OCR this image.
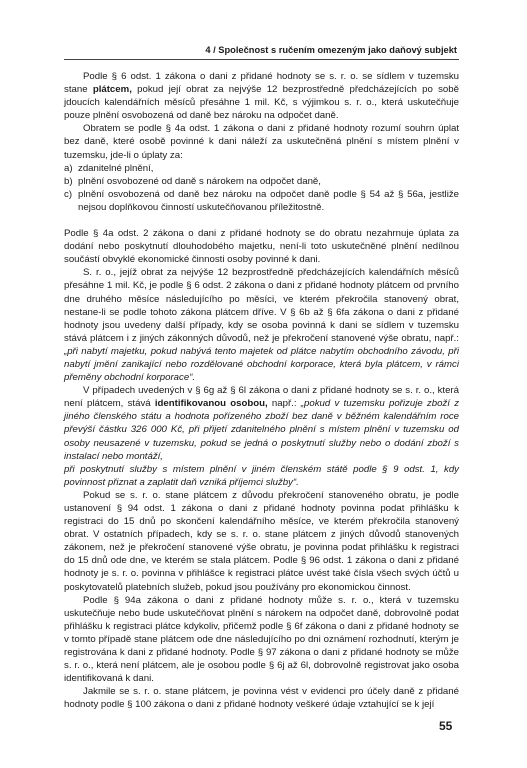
4 / Společnost s ručením omezeným jako daňový subjekt

Podle § 6 odst. 1 zákona o dani z přidané hodnoty se s. r. o. se sídlem v tuzemsku stane plátcem, pokud její obrat za nejvýše 12 bezprostředně předcházejících po sobě jdoucích kalendářních měsíců přesáhne 1 mil. Kč, s výjimkou s. r. o., která uskutečňuje pouze plnění osvobozená od daně bez nároku na odpočet daně.

Obratem se podle § 4a odst. 1 zákona o dani z přidané hodnoty rozumí souhrn úplat bez daně, které osobě povinné k dani náleží za uskutečněná plnění s místem plnění v tuzemsku, jde-li o úplaty za:

a) zdanitelné plnění,
b) plnění osvobozené od daně s nárokem na odpočet daně,
c) plnění osvobozená od daně bez nároku na odpočet daně podle § 54 až § 56a, jestliže nejsou doplňkovou činností uskutečňovanou příležitostně.

Podle § 4a odst. 2 zákona o dani z přidané hodnoty se do obratu nezahrnuje úplata za dodání nebo poskytnutí dlouhodobého majetku, není-li toto uskutečněné plnění nedílnou součástí obvyklé ekonomické činnosti osoby povinné k dani.

S. r. o., jejíž obrat za nejvýše 12 bezprostředně předcházejících kalendářních měsíců přesáhne 1 mil. Kč, je podle § 6 odst. 2 zákona o dani z přidané hodnoty plátcem od prvního dne druhého měsíce následujícího po měsíci, ve kterém překročila stanovený obrat, nestane-li se podle tohoto zákona plátcem dříve. V § 6b až § 6fa zákona o dani z přidané hodnoty jsou uvedeny další případy, kdy se osoba povinná k dani se sídlem v tuzemsku stává plátcem i z jiných zákonných důvodů, než je překročení stanovené výše obratu, např.: „při nabytí majetku, pokud nabývá tento majetek od plátce nabytím obchodního závodu, při nabytí jmění zanikající nebo rozdělované obchodní korporace, která byla plátcem, v rámci přeměny obchodní korporace“.

V případech uvedených v § 6g až § 6l zákona o dani z přidané hodnoty se s. r. o., která není plátcem, stává identifikovanou osobou, např.: „pokud v tuzemsku pořizuje zboží z jiného členského státu a hodnota pořízeného zboží bez daně v běžném kalendářním roce převýší částku 326 000 Kč, při přijetí zdanitelného plnění s místem plnění v tuzemsku od osoby neusazené v tuzemsku, pokud se jedná o poskytnutí služby nebo o dodání zboží s instalací nebo montáží,

při poskytnutí služby s místem plnění v jiném členském státě podle § 9 odst. 1, kdy povinnost přiznat a zaplatit daň vzniká příjemci služby“.

Pokud se s. r. o. stane plátcem z důvodu překročení stanoveného obratu, je podle ustanovení § 94 odst. 1 zákona o dani z přidané hodnoty povinna podat přihlášku k registraci do 15 dnů po skončení kalendářního měsíce, ve kterém překročila stanovený obrat. V ostatních případech, kdy se s. r. o. stane plátcem z jiných důvodů stanovených zákonem, než je překročení stanovené výše obratu, je povinna podat přihlášku k registraci do 15 dnů ode dne, ve kterém se stala plátcem. Podle § 96 odst. 1 zákona o dani z přidané hodnoty je s. r. o. povinna v přihlášce k registraci plátce uvést také čísla všech svých účtů u poskytovatelů platebních služeb, pokud jsou používány pro ekonomickou činnost.

Podle § 94a zákona o dani z přidané hodnoty může s. r. o., která v tuzemsku uskutečňuje nebo bude uskutečňovat plnění s nárokem na odpočet daně, dobrovolně podat přihlášku k registraci plátce kdykoliv, přičemž podle § 6f zákona o dani z přidané hodnoty se v tomto případě stane plátcem ode dne následujícího po dni oznámení rozhodnutí, kterým je registrována k dani z přidané hodnoty. Podle § 97 zákona o dani z přidané hodnoty se může s. r. o., která není plátcem, ale je osobou podle § 6j až 6l, dobrovolně registrovat jako osoba identifikovaná k dani.

Jakmile se s. r. o. stane plátcem, je povinna vést v evidenci pro účely daně z přidané hodnoty podle § 100 zákona o dani z přidané hodnoty veškeré údaje vztahující se k její

55
